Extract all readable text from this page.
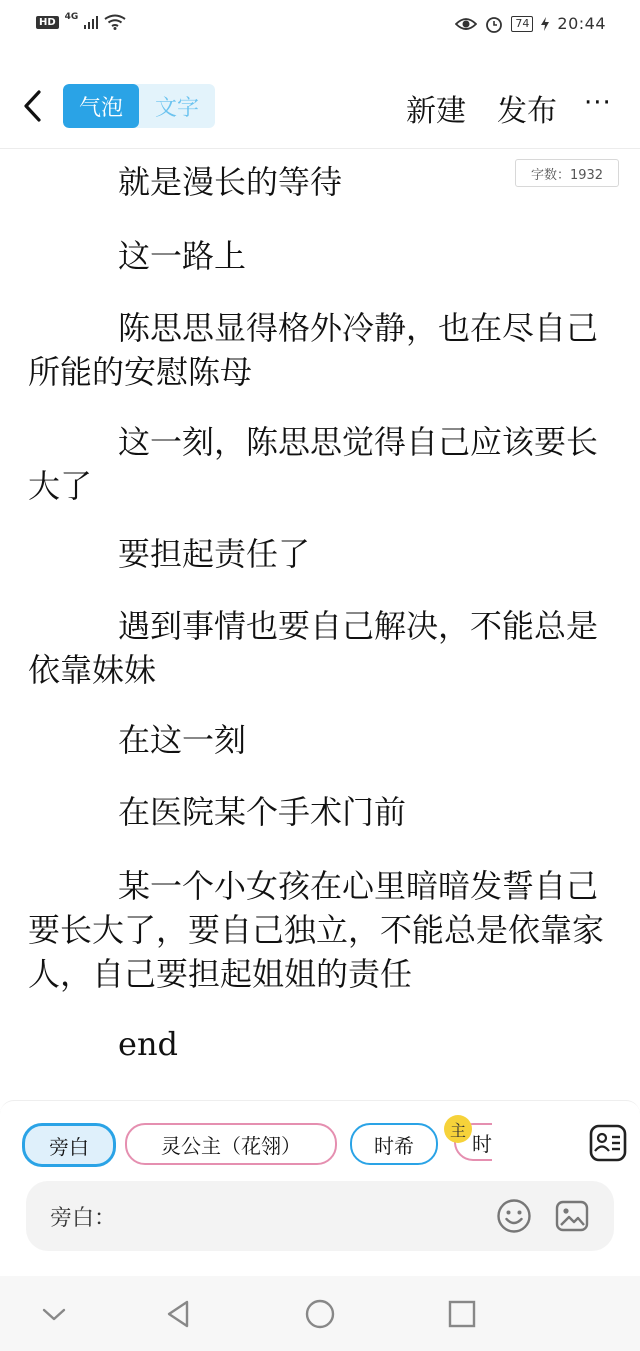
HD	4G	74 20:44
气泡	文字	新建 发布 ···
字数：1932

就是漫长的等待

这一路上

陈思思显得格外冷静，也在尽自己所能的安慰陈母

这一刻，陈思思觉得自己应该要长大了

要担起责任了

遇到事情也要自己解决，不能总是依靠妹妹

在这一刻

在医院某个手术门前

某一个小女孩在心里暗暗发誓自己要长大了，要自己独立，不能总是依靠家人，自己要担起姐姐的责任

end

旁白	灵公主（花翎）	时希	时
主
旁白：
